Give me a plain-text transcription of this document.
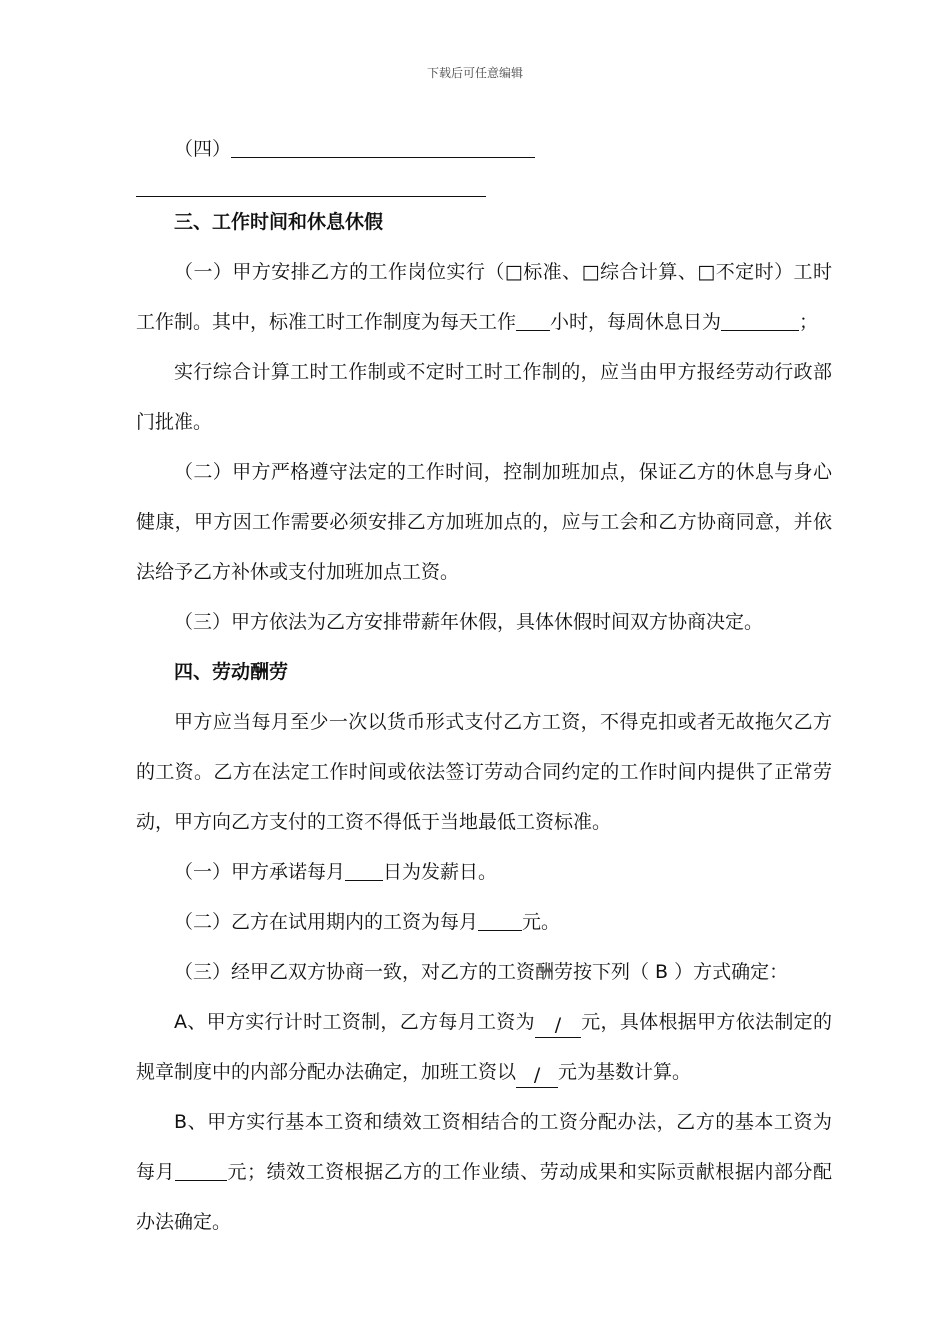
下载后可任意编辑

（四）

三、工作时间和休息休假

（一）甲方安排乙方的工作岗位实行（□标准、□综合计算、□不定时）工时工作制。其中，标准工时工作制度为每天工作 小时，每周休息日为	；

实行综合计算工时工作制或不定时工时工作制的，应当由甲方报经劳动行政部门批准。

（二）甲方严格遵守法定的工作时间，控制加班加点，保证乙方的休息与身心健康，甲方因工作需要必须安排乙方加班加点的，应与工会和乙方协商同意，并依法给予乙方补休或支付加班加点工资。

（三）甲方依法为乙方安排带薪年休假，具体休假时间双方协商决定。

四、劳动酬劳

甲方应当每月至少一次以货币形式支付乙方工资，不得克扣或者无故拖欠乙方的工资。乙方在法定工作时间或依法签订劳动合同约定的工作时间内提供了正常劳动，甲方向乙方支付的工资不得低于当地最低工资标准。

（一）甲方承诺每月 日为发薪日。

（二）乙方在试用期内的工资为每月 元。

（三）经甲乙双方协商一致，对乙方的工资酬劳按下列（ B ）方式确定：

A、甲方实行计时工资制，乙方每月工资为 / 元，具体根据甲方依法制定的规章制度中的内部分配办法确定，加班工资以 / 元为基数计算。

B、甲方实行基本工资和绩效工资相结合的工资分配办法，乙方的基本工资为每月	元；绩效工资根据乙方的工作业绩、劳动成果和实际贡献根据内部分配办法确定。
